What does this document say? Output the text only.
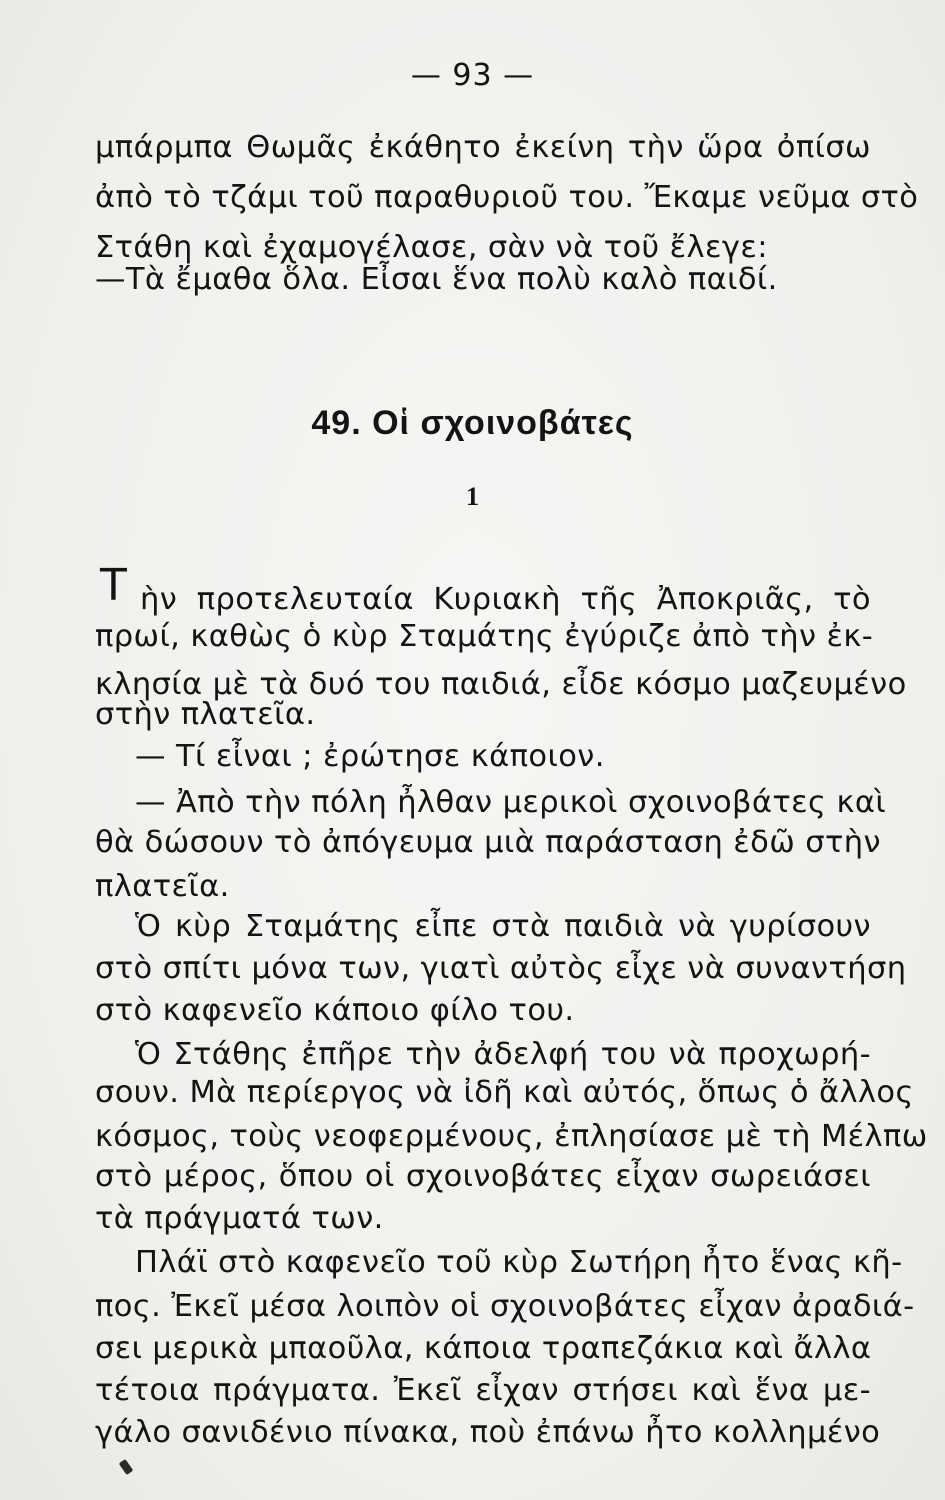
— 93 —
μπάρμπα Θωμᾶς ἐκάθητο ἐκείνη τὴν ὥρα ὀπίσω
ἀπὸ τὸ τζάμι τοῦ παραθυριοῦ του. Ἔκαμε νεῦμα στὸ
Στάθη καὶ ἐχαμογέλασε, σὰν νὰ τοῦ ἔλεγε:
—Τὰ ἔμαθα ὅλα. Εἶσαι ἕνα πολὺ καλὸ παιδί.
49. Οἱ σχοινοβάτες
1
Τ ὴν προτελευταία Κυριακὴ τῆς Ἀποκριᾶς, τὸ
πρωί, καθὼς ὁ κὺρ Σταμάτης ἐγύριζε ἀπὸ τὴν ἐκ-
κλησία μὲ τὰ δυό του παιδιά, εἶδε κόσμο μαζευμένο
στὴν πλατεῖα.
— Τί εἶναι ; ἐρώτησε κάποιον.
— Ἀπὸ τὴν πόλη ἦλθαν μερικοὶ σχοινοβάτες καὶ
θὰ δώσουν τὸ ἀπόγευμα μιὰ παράσταση ἐδῶ στὴν
πλατεῖα.
Ὁ κὺρ Σταμάτης εἶπε στὰ παιδιὰ νὰ γυρίσουν
στὸ σπίτι μόνα των, γιατὶ αὐτὸς εἶχε νὰ συναντήση
στὸ καφενεῖο κάποιο φίλο του.
Ὁ Στάθης ἐπῆρε τὴν ἀδελφή του νὰ προχωρή-
σουν. Μὰ περίεργος νὰ ἰδῆ καὶ αὐτός, ὅπως ὁ ἄλλος
κόσμος, τοὺς νεοφερμένους, ἐπλησίασε μὲ τὴ Μέλπω
στὸ μέρος, ὅπου οἱ σχοινοβάτες εἶχαν σωρειάσει
τὰ πράγματά των.
Πλάϊ στὸ καφενεῖο τοῦ κὺρ Σωτήρη ἦτο ἕνας κῆ-
πος. Ἐκεῖ μέσα λοιπὸν οἱ σχοινοβάτες εἶχαν ἀραδιά-
σει μερικὰ μπαοῦλα, κάποια τραπεζάκια καὶ ἄλλα
τέτοια πράγματα. Ἐκεῖ εἶχαν στήσει καὶ ἕνα με-
γάλο σανιδένιο πίνακα, ποὺ ἐπάνω ἦτο κολλημένο
